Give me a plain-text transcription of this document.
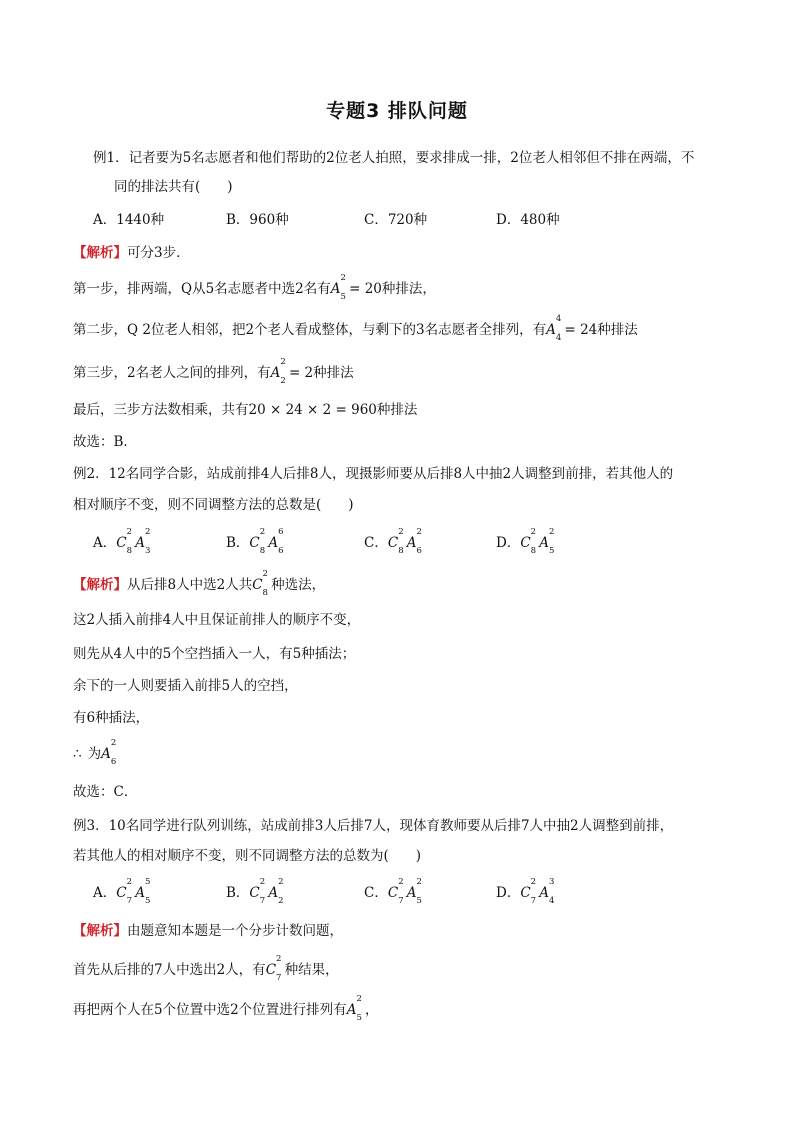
专题3 排队问题
例1．记者要为5名志愿者和他们帮助的2位老人拍照，要求排成一排，2位老人相邻但不排在两端，不
同的排法共有(　　)
A．1440种	B．960种	C．720种	D．480种
【解析】可分3步．
第一步，排两端，Q从5名志愿者中选2名有A
2
5 = 20种排法，
第二步，Q 2位老人相邻，把2个老人看成整体，与剩下的3名志愿者全排列，有A
4
4 = 24种排法
第三步，2名老人之间的排列，有A
2
2 = 2种排法
最后，三步方法数相乘，共有20 × 24 × 2 = 960种排法
故选：B．
例2．12名同学合影，站成前排4人后排8人，现摄影师要从后排8人中抽2人调整到前排，若其他人的
相对顺序不变，则不同调整方法的总数是(　　)
A．C
2
8 A
2
3	B．C
2
8 A
6
6	C．C
2
8 A
2
6	D．C
2
8 A
2
5
【解析】从后排8人中选2人共C
2
8 种选法，
这2人插入前排4人中且保证前排人的顺序不变，
则先从4人中的5个空挡插入一人，有5种插法；
余下的一人则要插入前排5人的空挡，
有6种插法，
∴ 为A
2
6
故选：C．
例3．10名同学进行队列训练，站成前排3人后排7人，现体育教师要从后排7人中抽2人调整到前排，
若其他人的相对顺序不变，则不同调整方法的总数为(　　)
A．C
2
7 A
5
5	B．C
2
7 A
2
2	C．C
2
7 A
2
5	D．C
2
7 A
3
4
【解析】由题意知本题是一个分步计数问题，
首先从后排的7人中选出2人，有C
2
7 种结果，
再把两个人在5个位置中选2个位置进行排列有A
2
5 ，
